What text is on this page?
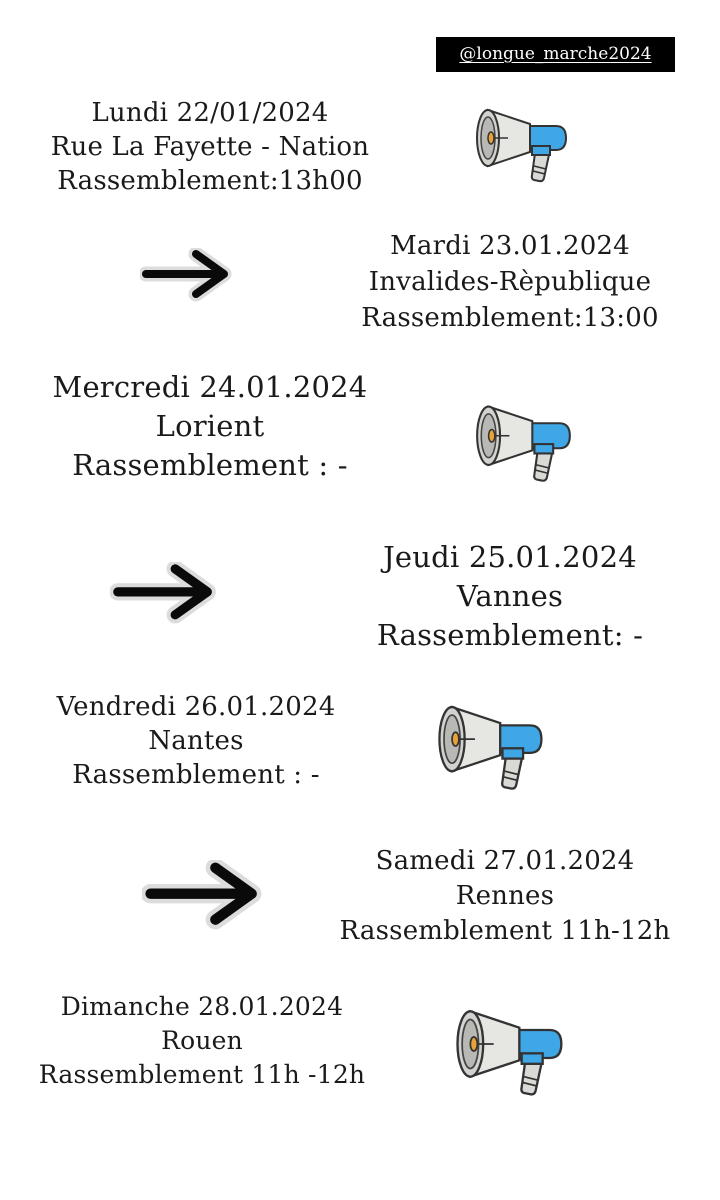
@longue_marche2024
Lundi 22/01/2024
Rue La Fayette - Nation
Rassemblement:13h00
Mardi 23.01.2024
Invalides-Rèpublique
Rassemblement:13:00
Mercredi 24.01.2024
Lorient
Rassemblement : -
Jeudi 25.01.2024
Vannes
Rassemblement: -
Vendredi 26.01.2024
Nantes
Rassemblement : -
Samedi 27.01.2024
Rennes
Rassemblement 11h-12h
Dimanche 28.01.2024
Rouen
Rassemblement 11h -12h
